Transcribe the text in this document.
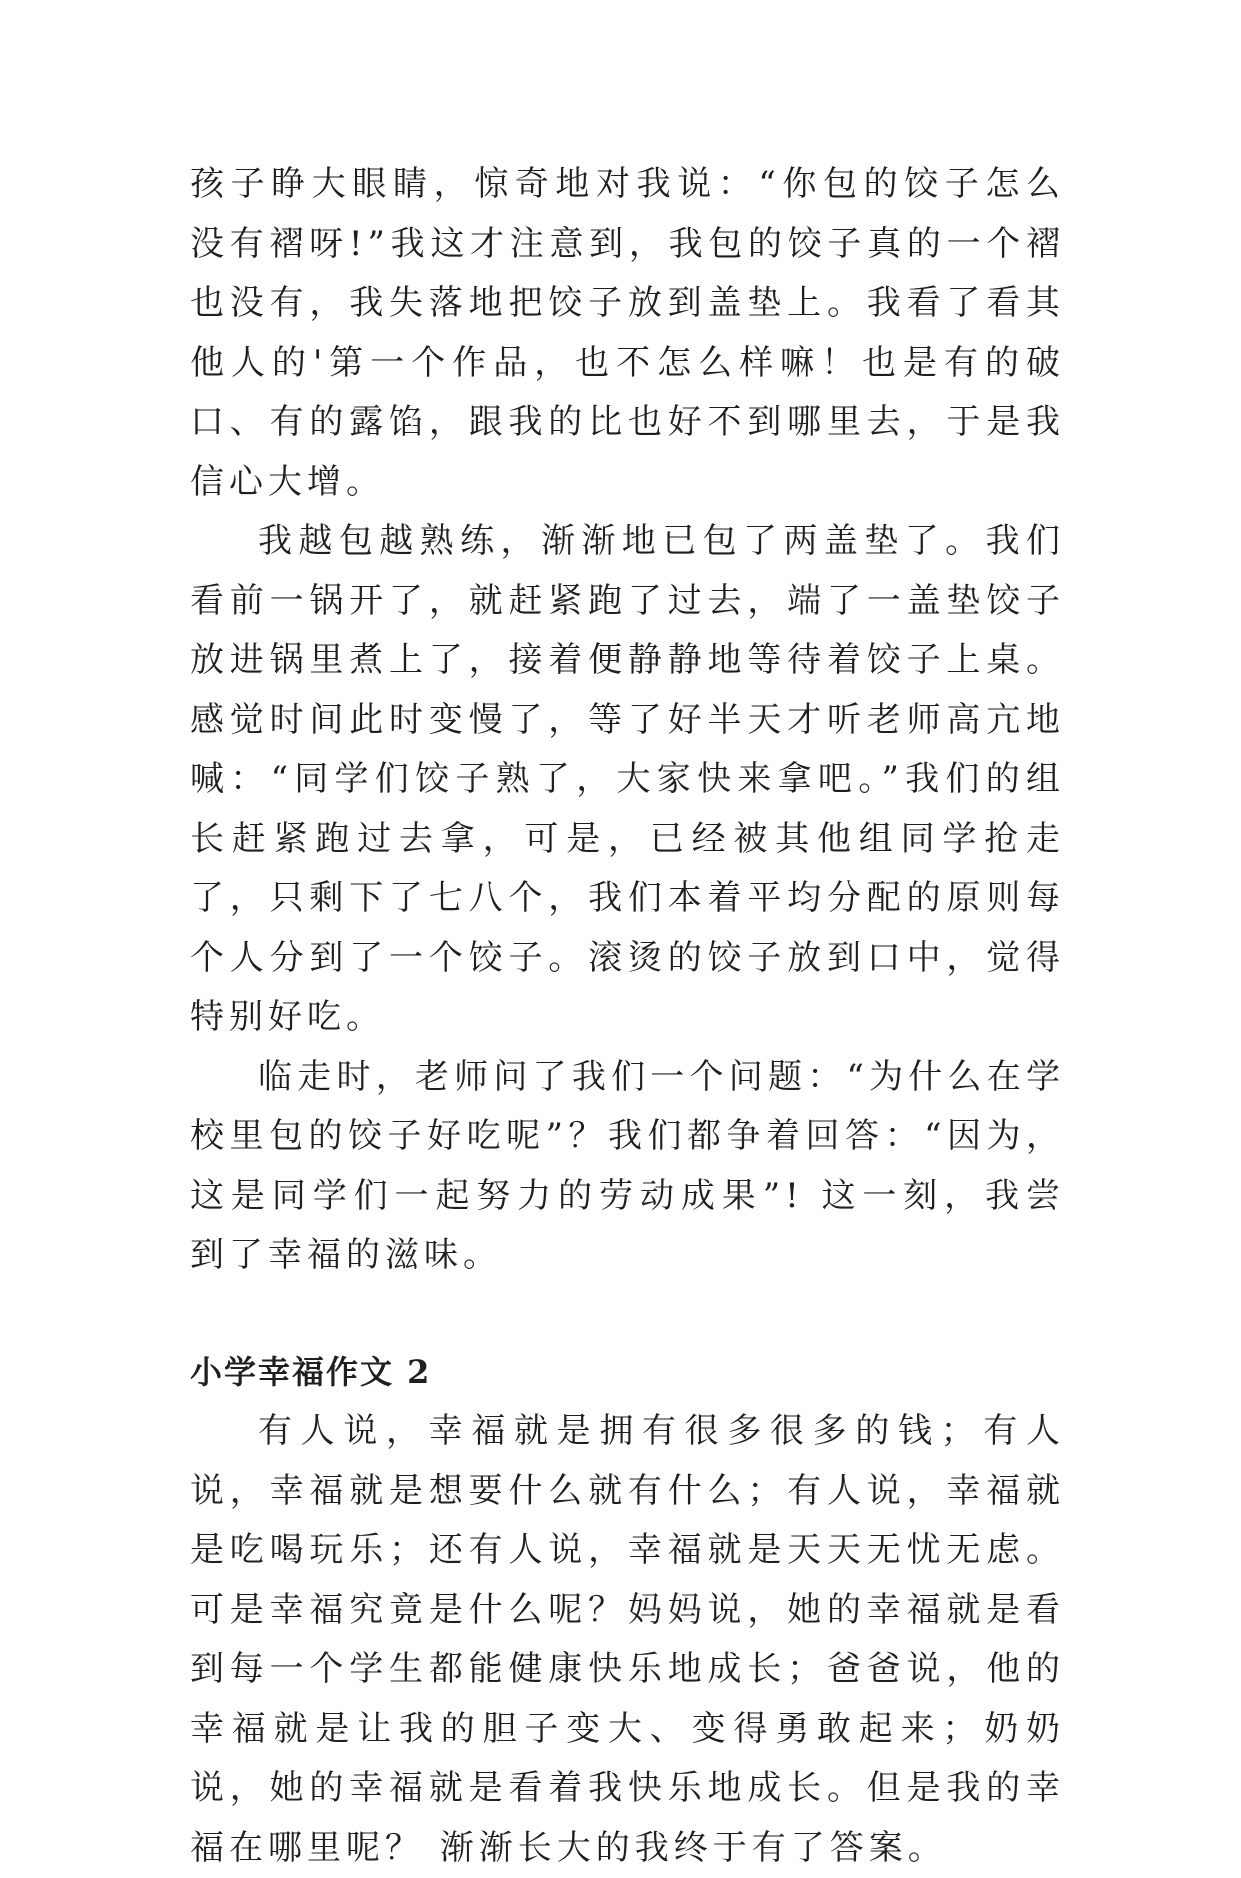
孩子睁大眼睛，惊奇地对我说：“你包的饺子怎么没有褶呀!”我这才注意到，我包的饺子真的一个褶也没有，我失落地把饺子放到盖垫上。我看了看其他人的'第一个作品，也不怎么样嘛！也是有的破口、有的露馅，跟我的比也好不到哪里去，于是我信心大增。

我越包越熟练，渐渐地已包了两盖垫了。我们看前一锅开了，就赶紧跑了过去，端了一盖垫饺子放进锅里煮上了，接着便静静地等待着饺子上桌。感觉时间此时变慢了，等了好半天才听老师高亢地喊：“同学们饺子熟了，大家快来拿吧。”我们的组长赶紧跑过去拿，可是，已经被其他组同学抢走了，只剩下了七八个，我们本着平均分配的原则每个人分到了一个饺子。滚烫的饺子放到口中，觉得特别好吃。

临走时，老师问了我们一个问题：“为什么在学校里包的饺子好吃呢”？我们都争着回答：“因为，这是同学们一起努力的劳动成果”! 这一刻，我尝到了幸福的滋味。

小学幸福作文 2

有人说，幸福就是拥有很多很多的钱；有人说，幸福就是想要什么就有什么；有人说，幸福就是吃喝玩乐；还有人说，幸福就是天天无忧无虑。可是幸福究竟是什么呢？妈妈说，她的幸福就是看到每一个学生都能健康快乐地成长；爸爸说，他的幸福就是让我的胆子变大、变得勇敢起来；奶奶说，她的幸福就是看着我快乐地成长。但是我的幸福在哪里呢？ 渐渐长大的我终于有了答案。
